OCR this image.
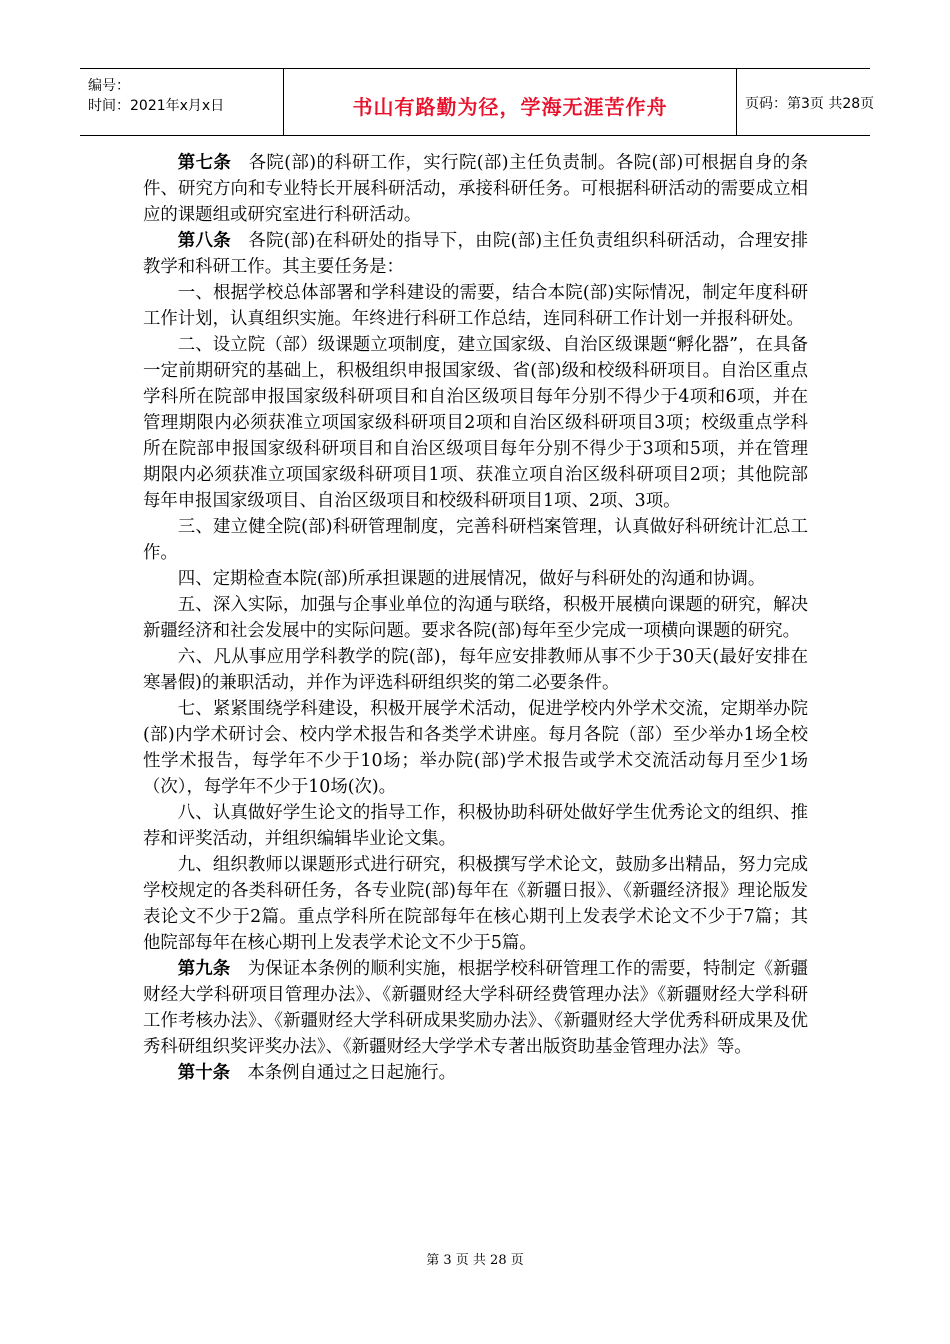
编号：
时间：2021年x月x日	书山有路勤为径，学海无涯苦作舟	页码：第3页 共28页

第七条 各院(部)的科研工作，实行院(部)主任负责制。各院(部)可根据自身的条件、研究方向和专业特长开展科研活动，承接科研任务。可根据科研活动的需要成立相应的课题组或研究室进行科研活动。

第八条 各院(部)在科研处的指导下，由院(部)主任负责组织科研活动，合理安排教学和科研工作。其主要任务是：

一、根据学校总体部署和学科建设的需要，结合本院(部)实际情况，制定年度科研工作计划，认真组织实施。年终进行科研工作总结，连同科研工作计划一并报科研处。

二、设立院（部）级课题立项制度，建立国家级、自治区级课题“孵化器”，在具备一定前期研究的基础上，积极组织申报国家级、省(部)级和校级科研项目。自治区重点学科所在院部申报国家级科研项目和自治区级项目每年分别不得少于4项和6项，并在管理期限内必须获准立项国家级科研项目2项和自治区级科研项目3项；校级重点学科所在院部申报国家级科研项目和自治区级项目每年分别不得少于3项和5项，并在管理期限内必须获准立项国家级科研项目1项、获准立项自治区级科研项目2项；其他院部每年申报国家级项目、自治区级项目和校级科研项目1项、2项、3项。

三、建立健全院(部)科研管理制度，完善科研档案管理，认真做好科研统计汇总工作。

四、定期检查本院(部)所承担课题的进展情况，做好与科研处的沟通和协调。

五、深入实际，加强与企事业单位的沟通与联络，积极开展横向课题的研究，解决新疆经济和社会发展中的实际问题。要求各院(部)每年至少完成一项横向课题的研究。

六、凡从事应用学科教学的院(部)，每年应安排教师从事不少于30天(最好安排在寒暑假)的兼职活动，并作为评选科研组织奖的第二必要条件。

七、紧紧围绕学科建设，积极开展学术活动，促进学校内外学术交流，定期举办院(部)内学术研讨会、校内学术报告和各类学术讲座。每月各院（部）至少举办1场全校性学术报告，每学年不少于10场；举办院(部)学术报告或学术交流活动每月至少1场（次），每学年不少于10场(次)。

八、认真做好学生论文的指导工作，积极协助科研处做好学生优秀论文的组织、推荐和评奖活动，并组织编辑毕业论文集。

九、组织教师以课题形式进行研究，积极撰写学术论文，鼓励多出精品，努力完成学校规定的各类科研任务，各专业院(部)每年在《新疆日报》、《新疆经济报》理论版发表论文不少于2篇。重点学科所在院部每年在核心期刊上发表学术论文不少于7篇；其他院部每年在核心期刊上发表学术论文不少于5篇。

第九条 为保证本条例的顺利实施，根据学校科研管理工作的需要，特制定《新疆财经大学科研项目管理办法》、《新疆财经大学科研经费管理办法》《新疆财经大学科研工作考核办法》、《新疆财经大学科研成果奖励办法》、《新疆财经大学优秀科研成果及优秀科研组织奖评奖办法》、《新疆财经大学学术专著出版资助基金管理办法》等。

第十条 本条例自通过之日起施行。

第 3 页 共 28 页
